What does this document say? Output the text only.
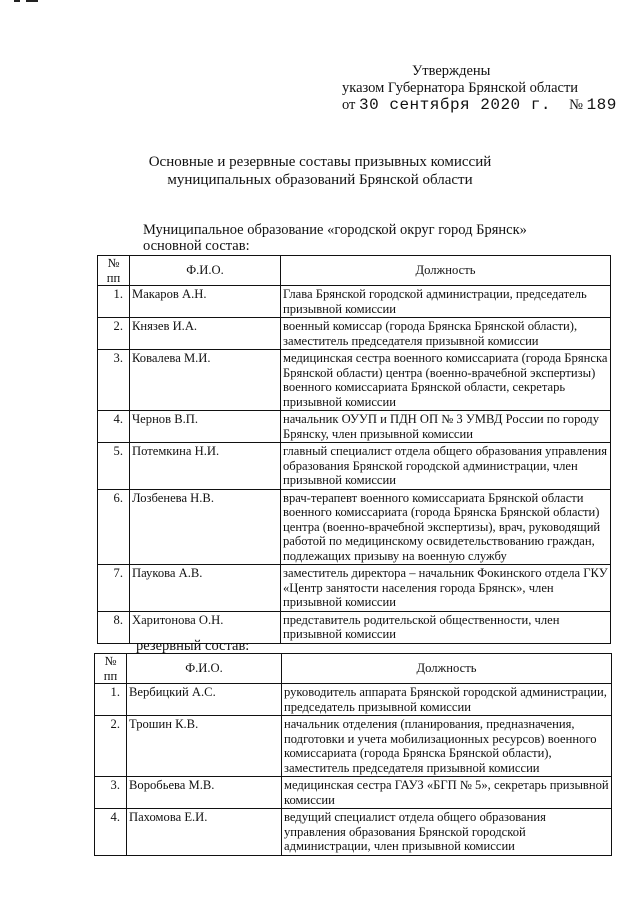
Утверждены
указом Губернатора Брянской области
от 30 сентября 2020 г. № 189
Основные и резервные составы призывных комиссий
муниципальных образований Брянской области
Муниципальное образование «городской округ город Брянск»
основной состав:
№ пп	Ф.И.О.	Должность
1.	Макаров А.Н.	Глава Брянской городской администрации, председатель призывной комиссии
2.	Князев И.А.	военный комиссар (города Брянска Брянской области), заместитель председателя призывной комиссии
3.	Ковалева М.И.	медицинская сестра военного комиссариата (города Брянска Брянской области) центра (военно-врачебной экспертизы) военного комиссариата Брянской области, секретарь призывной комиссии
4.	Чернов В.П.	начальник ОУУП и ПДН ОП № 3 УМВД России по городу Брянску, член призывной комиссии
5.	Потемкина Н.И.	главный специалист отдела общего образования управления образования Брянской городской администрации, член призывной комиссии
6.	Лозбенева Н.В.	врач-терапевт военного комиссариата Брянской области военного комиссариата (города Брянска Брянской области) центра (военно-врачебной экспертизы), врач, руководящий работой по медицинскому освидетельствованию граждан, подлежащих призыву на военную службу
7.	Паукова А.В.	заместитель директора – начальник Фокинского отдела ГКУ «Центр занятости населения города Брянск», член призывной комиссии
8.	Харитонова О.Н.	представитель родительской общественности, член призывной комиссии
резервный состав:
№ пп	Ф.И.О.	Должность
1.	Вербицкий А.С.	руководитель аппарата Брянской городской администрации, председатель призывной комиссии
2.	Трошин К.В.	начальник отделения (планирования, предназначения, подготовки и учета мобилизационных ресурсов) военного комиссариата (города Брянска Брянской области), заместитель председателя призывной комиссии
3.	Воробьева М.В.	медицинская сестра ГАУЗ «БГП № 5», секретарь призывной комиссии
4.	Пахомова Е.И.	ведущий специалист отдела общего образования управления образования Брянской городской администрации, член призывной комиссии
